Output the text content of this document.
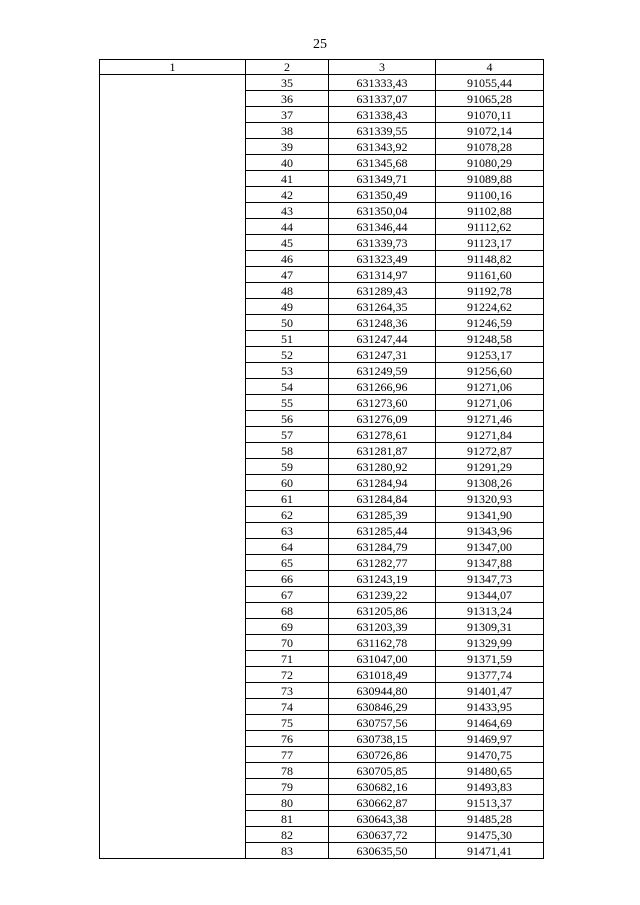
25
1	2	3	4
	35	631333,43	91055,44
	36	631337,07	91065,28
	37	631338,43	91070,11
	38	631339,55	91072,14
	39	631343,92	91078,28
	40	631345,68	91080,29
	41	631349,71	91089,88
	42	631350,49	91100,16
	43	631350,04	91102,88
	44	631346,44	91112,62
	45	631339,73	91123,17
	46	631323,49	91148,82
	47	631314,97	91161,60
	48	631289,43	91192,78
	49	631264,35	91224,62
	50	631248,36	91246,59
	51	631247,44	91248,58
	52	631247,31	91253,17
	53	631249,59	91256,60
	54	631266,96	91271,06
	55	631273,60	91271,06
	56	631276,09	91271,46
	57	631278,61	91271,84
	58	631281,87	91272,87
	59	631280,92	91291,29
	60	631284,94	91308,26
	61	631284,84	91320,93
	62	631285,39	91341,90
	63	631285,44	91343,96
	64	631284,79	91347,00
	65	631282,77	91347,88
	66	631243,19	91347,73
	67	631239,22	91344,07
	68	631205,86	91313,24
	69	631203,39	91309,31
	70	631162,78	91329,99
	71	631047,00	91371,59
	72	631018,49	91377,74
	73	630944,80	91401,47
	74	630846,29	91433,95
	75	630757,56	91464,69
	76	630738,15	91469,97
	77	630726,86	91470,75
	78	630705,85	91480,65
	79	630682,16	91493,83
	80	630662,87	91513,37
	81	630643,38	91485,28
	82	630637,72	91475,30
	83	630635,50	91471,41
